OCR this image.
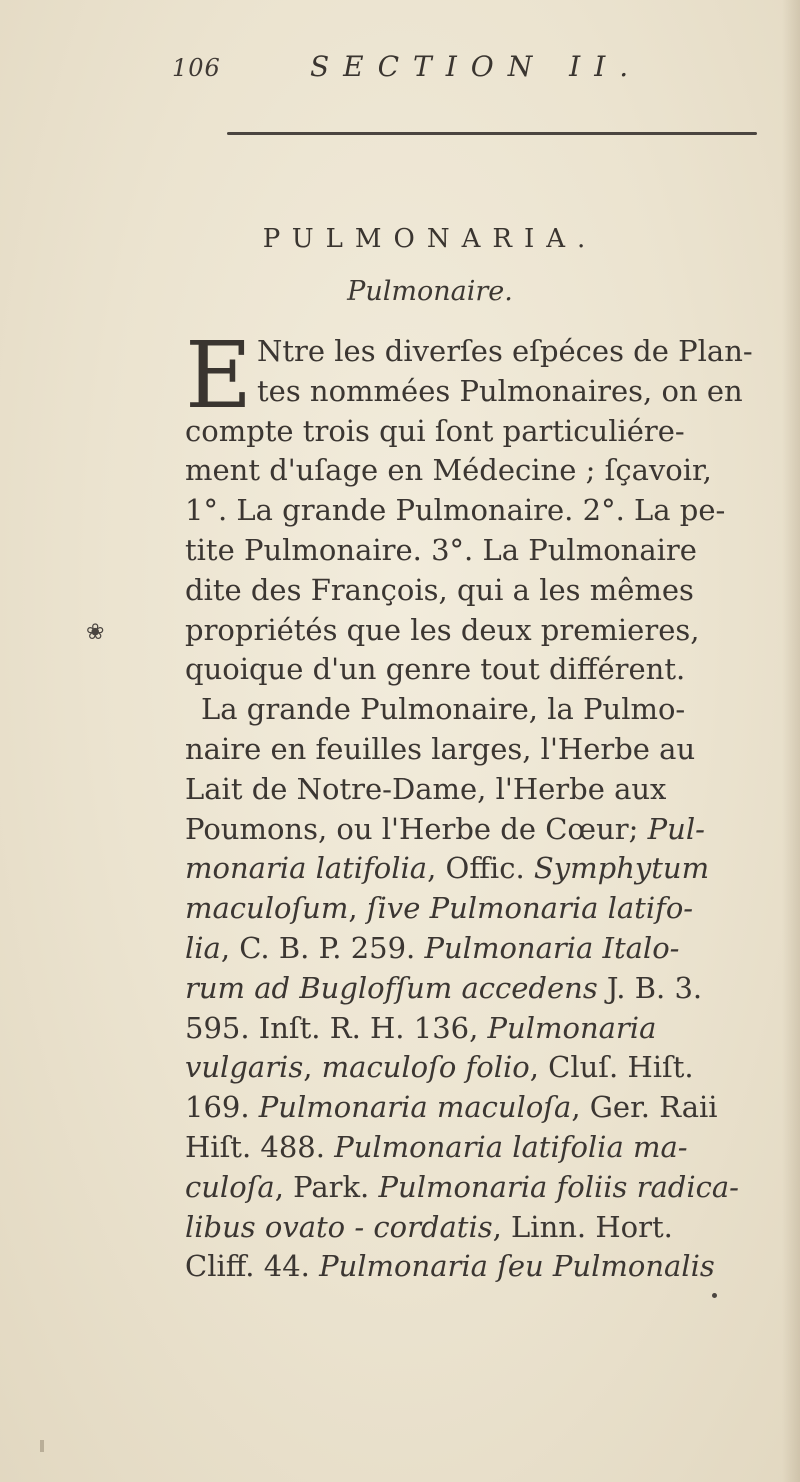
106	SECTION II.
PULMONARIA.
Pulmonaire.
E Ntre les diverſes eſpéces de Plan-
tes nommées Pulmonaires, on en
compte trois qui ſont particuliére-
ment d'uſage en Médecine ; ſçavoir,
1°. La grande Pulmonaire. 2°. La pe-
tite Pulmonaire. 3°. La Pulmonaire
dite des François, qui a les mêmes
propriétés que les deux premieres,
quoique d'un genre tout différent.
La grande Pulmonaire, la Pulmo-
naire en feuilles larges, l'Herbe au
Lait de Notre-Dame, l'Herbe aux
Poumons, ou l'Herbe de Cœur; Pul-
monaria latifolia, Offic. Symphytum
maculoſum, ſive Pulmonaria latifo-
lia, C. B. P. 259. Pulmonaria Italo-
rum ad Buglofſum accedens J. B. 3.
595. Inſt. R. H. 136, Pulmonaria
vulgaris, maculoſo folio, Cluſ. Hiſt.
169. Pulmonaria maculoſa, Ger. Raii
Hiſt. 488. Pulmonaria latifolia ma-
culoſa, Park. Pulmonaria foliis radica-
libus ovato - cordatis, Linn. Hort.
Cliff. 44. Pulmonaria ſeu Pulmonalis
❀
